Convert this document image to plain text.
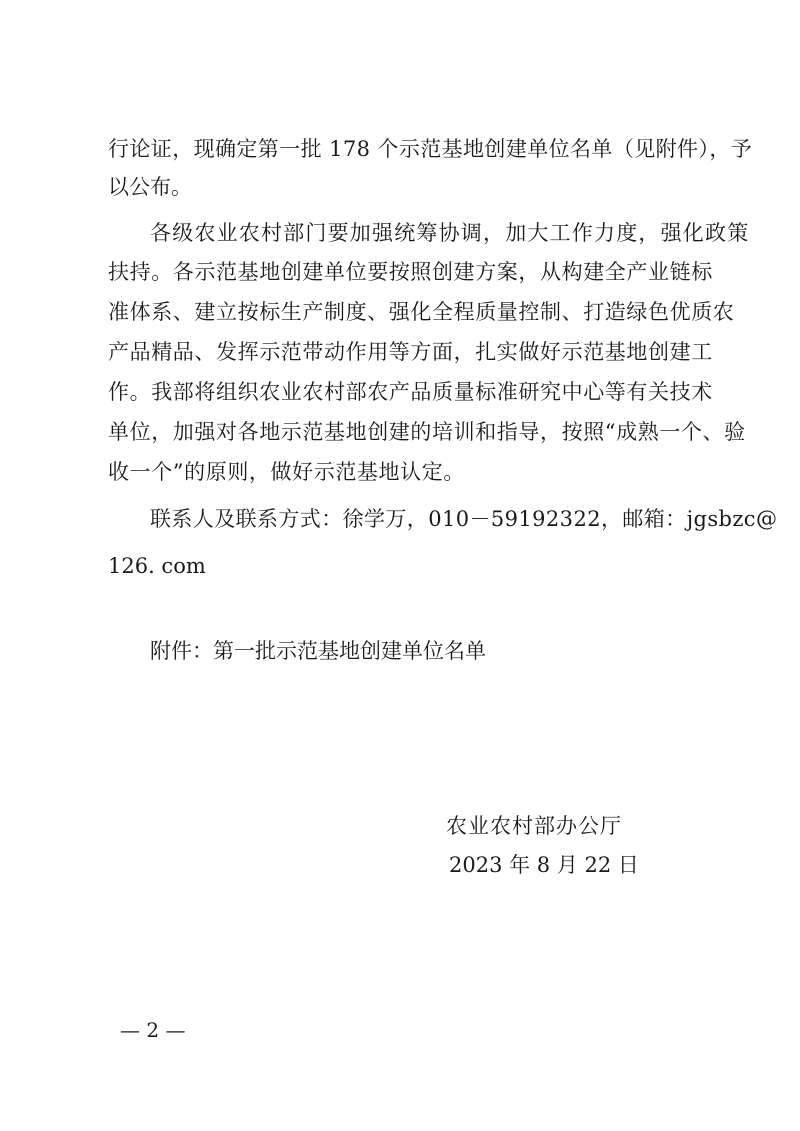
行论证，现确定第一批 178 个示范基地创建单位名单（见附件），予
以公布。
各级农业农村部门要加强统筹协调，加大工作力度，强化政策
扶持。各示范基地创建单位要按照创建方案，从构建全产业链标
准体系、建立按标生产制度、强化全程质量控制、打造绿色优质农
产品精品、发挥示范带动作用等方面，扎实做好示范基地创建工
作。我部将组织农业农村部农产品质量标准研究中心等有关技术
单位，加强对各地示范基地创建的培训和指导，按照“成熟一个、验
收一个”的原则，做好示范基地认定。
联系人及联系方式：徐学万，010－59192322，邮箱：jgsbzc@
126. com
附件：第一批示范基地创建单位名单
农业农村部办公厅
2023 年 8 月 22 日
— 2 —
